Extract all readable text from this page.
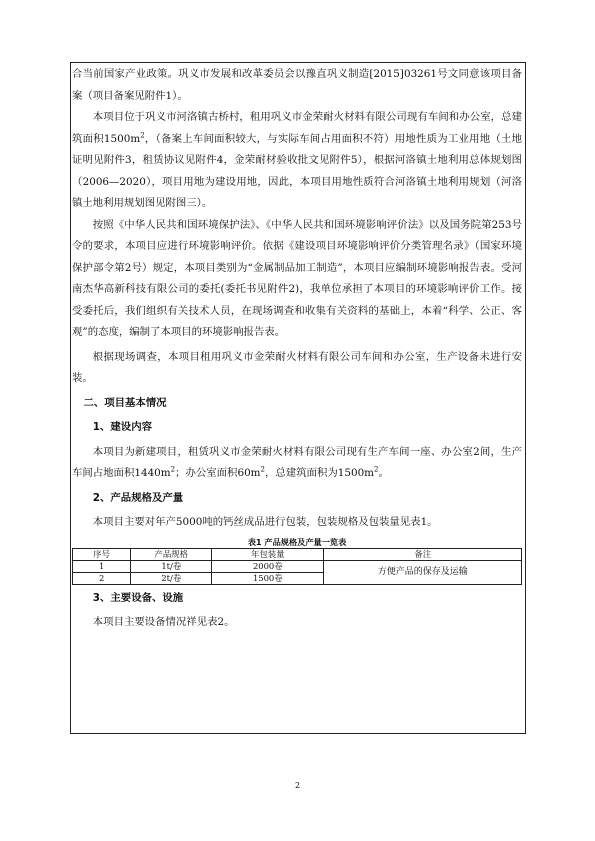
合当前国家产业政策。巩义市发展和改革委员会以豫直巩义制造[2015]03261号文同意该项目备案（项目备案见附件1）。

本项目位于巩义市河洛镇古桥村，租用巩义市金荣耐火材料有限公司现有车间和办公室，总建筑面积$1500m^2$，（备案上车间面积较大，与实际车间占用面积不符）用地性质为工业用地（土地证明见附件3，租赁协议见附件4，金荣耐材验收批文见附件5），根据河洛镇土地利用总体规划图（2006—2020），项目用地为建设用地，因此，本项目用地性质符合河洛镇土地利用规划（河洛镇土地利用规划图见附图三）。

按照《中华人民共和国环境保护法》、《中华人民共和国环境影响评价法》以及国务院第253号令的要求，本项目应进行环境影响评价。依据《建设项目环境影响评价分类管理名录》（国家环境保护部令第2号）规定，本项目类别为“金属制品加工制造”，本项目应编制环境影响报告表。受河南杰华高新科技有限公司的委托(委托书见附件2)，我单位承担了本项目的环境影响评价工作。接受委托后，我们组织有关技术人员，在现场调查和收集有关资料的基础上，本着“科学、公正、客观”的态度，编制了本项目的环境影响报告表。

根据现场调查，本项目租用巩义市金荣耐火材料有限公司车间和办公室，生产设备未进行安装。

二、项目基本情况

1、建设内容

本项目为新建项目，租赁巩义市金荣耐火材料有限公司现有生产车间一座、办公室2间，生产车间占地面积$1440m^2$；办公室面积$60m^2$，总建筑面积为$1500m^2$。

2、产品规格及产量

本项目主要对年产5000吨的钙丝成品进行包装，包装规格及包装量见表1。

表1 产品规格及产量一览表

序号	产品规格	年包装量	备注
1	1t/卷	2000卷	方便产品的保存及运输
2	2t/卷	1500卷	

3、主要设备、设施

本项目主要设备情况祥见表2。

2
